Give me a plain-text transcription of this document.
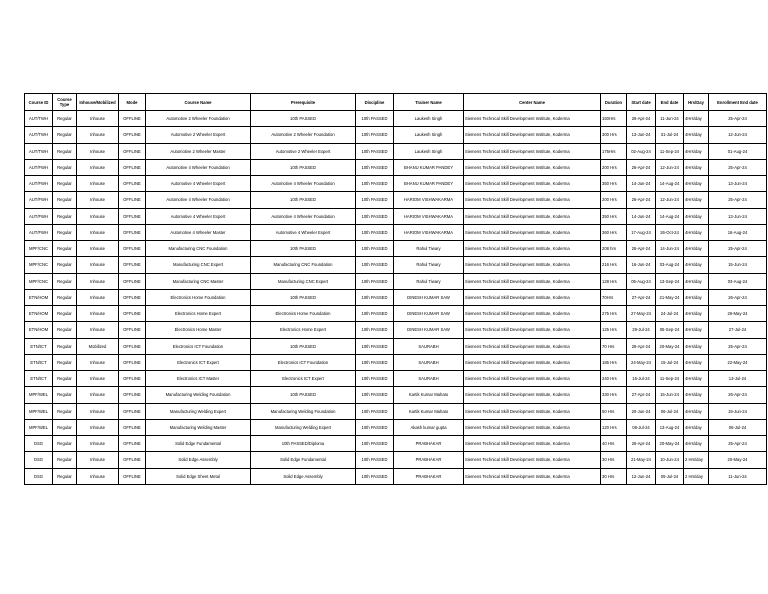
Course ID	Course Type	Inhouse/Mobilized	Mode	Course Name	Prerequisite	Discipline	Trainer Name	Center Name	Duration	Start date	End date	Hrs/Day	Enrollment End date
AUT/TWH	Regular	Inhouse	OFFLINE	Automotive 2 Wheeler Foundation	10th PASSED	10th PASSED	Laukesh Singh	Siemens Technical Skill Development Institute, Koderma	150Hrs	26-Apr-24	11-Jun-24	4Hrs/day	25-Apr-24
AUT/TWH	Regular	Inhouse	OFFLINE	Automotive 2 Wheeler Expert	Automotive 2 Wheeler Foundation	10th PASSED	Laukesh Singh	Siemens Technical Skill Development Institute, Koderma	300 Hrs	13-Jun-24	31-Jul-24	4Hrs/day	12-Jun-24
AUT/TWH	Regular	Inhouse	OFFLINE	Automotive 2 Wheeler Master	Automotive 2 Wheeler Expert	10th PASSED	Laukesh Singh	Siemens Technical Skill Development Institute, Koderma	175Hrs	02-Aug-24	11-Sep-24	4Hrs/day	01-Aug-24
AUT/FWH	Regular	Inhouse	OFFLINE	Automotive 4 Wheeler Foundation	10th PASSED	10th PASSED	BHANU KUMAR PANDEY	Siemens Technical Skill Development Institute, Koderma	200 Hrs	26-Apr-24	12-Jun-24	4Hrs/day	25-Apr-24
AUT/FWH	Regular	Inhouse	OFFLINE	Automotive 4 Wheeler Expert	Automotive 4 Wheeler Foundation	10th PASSED	BHANU KUMAR PANDEY	Siemens Technical Skill Development Institute, Koderma	350 Hrs	14-Jun-24	14-Aug-24	4Hrs/day	13-Jun-24
AUT/FWH	Regular	Inhouse	OFFLINE	Automotive 4 Wheeler Foundation	10th PASSED	10th PASSED	HARIOM VISHWAKARMA	Siemens Technical Skill Development Institute, Koderma	200 Hrs	26-Apr-24	12-Jun-24	4Hrs/day	25-Apr-24
AUT/FWH	Regular	Inhouse	OFFLINE	Automotive 4 Wheeler Expert	Automotive 4 Wheeler Foundation	10th PASSED	HARIOM VISHWAKARMA	Siemens Technical Skill Development Institute, Koderma	350 Hrs	14-Jun-24	14-Aug-24	4Hrs/day	13-Jun-24
AUT/FWH	Regular	Inhouse	OFFLINE	Automotive 4 Wheeler Master	Automotive 4 Wheeler Expert	10th PASSED	HARIOM VISHWAKARMA	Siemens Technical Skill Development Institute, Koderma	360 Hrs	17-Aug-24	26-Oct-24	4Hrs/day	16-Aug-24
MPF/CNC	Regular	Inhouse	OFFLINE	Manufacturing CNC Foundation	10th PASSED	10th PASSED	Rahul Tiwary	Siemens Technical Skill Development Institute, Koderma	208 hrs	26-Apr-24	14-Jun-24	4Hrs/day	25-Apr-24
MPF/CNC	Regular	Inhouse	OFFLINE	Manufacturing CNC Expert	Manufacturing CNC Foundation	10th PASSED	Rahul Tiwary	Siemens Technical Skill Development Institute, Koderma	216 Hrs	16-Jun-24	03-Aug-24	4Hrs/day	15-Jun-24
MPF/CNC	Regular	Inhouse	OFFLINE	Manufacturing CNC Master	Manufacturing CNC Expert	10th PASSED	Rahul Tiwary	Siemens Technical Skill Development Institute, Koderma	128 Hrs	05-Aug-24	13-Sep-24	4Hrs/day	03-Aug-24
ETN/HOM	Regular	Inhouse	OFFLINE	Electronics Home Foundation	10th PASSED	10th PASSED	DINESH KUMAR SAW	Siemens Technical Skill Development Institute, Koderma	70Hrs	27-Apr-24	21-May-24	4Hrs/day	26-Apr-24
ETN/HOM	Regular	Inhouse	OFFLINE	Electronics Home Expert	Electronics Home Foundation	10th PASSED	DINESH KUMAR SAW	Siemens Technical Skill Development Institute, Koderma	275 Hrs	27-May-24	24-Jul-24	4Hrs/day	26-May-24
ETN/HOM	Regular	Inhouse	OFFLINE	Electronics Home Master	Electronics Home Expert	10th PASSED	DINESH KUMAR SAW	Siemens Technical Skill Development Institute, Koderma	125 Hrs	29-Jul-24	05-Sep-24	4Hrs/day	27-Jul-24
ETN/ICT	Regular	Mobilized	OFFLINE	Electronics ICT Foundation	10th PASSED	10th PASSED	SAURABH	Siemens Technical Skill Development Institute, Koderma	70 Hrs	26-Apr-24	20-May-24	4Hrs/day	25-Apr-24
ETN/ICT	Regular	Inhouse	OFFLINE	Electronics ICT Expert	Electronics ICT Foundation	10th PASSED	SAURABH	Siemens Technical Skill Development Institute, Koderma	185 Hrs	24-May-24	15-Jul-24	4Hrs/day	22-May-24
ETN/ICT	Regular	Inhouse	OFFLINE	Electronics ICT Master	Electronics ICT Expert	10th PASSED	SAURABH	Siemens Technical Skill Development Institute, Koderma	240 Hrs	15-Jul-24	11-Sep-24	4Hrs/day	13-Jul-24
MPF/WEL	Regular	Inhouse	OFFLINE	Manufacturing Welding Foundation	10th PASSED	10th PASSED	Kartik Kumar Mahato	Siemens Technical Skill Development Institute, Koderma	330 Hrs	27-Apr-24	15-Jun-24	4Hrs/day	26-Apr-24
MPF/WEL	Regular	Inhouse	OFFLINE	Manufacturing Welding Expert	Manufacturing Welding Foundation	10th PASSED	Kartik Kumar Mahato	Siemens Technical Skill Development Institute, Koderma	50 Hrs	20-Jun-24	06-Jul-24	4Hrs/day	19-Jun-24
MPF/WEL	Regular	Inhouse	OFFLINE	Manufacturing Welding Master	Manufacturing Welding Expert	10th PASSED	Akash kumar gupta	Siemens Technical Skill Development Institute, Koderma	120 Hrs	08-Jul-24	13-Aug-24	4Hrs/day	06-Jul-24
DSG	Regular	Inhouse	OFFLINE	Solid Edge Fundamental	10th PASSED/Diploma	10th PASSED	PRABHAKAR	Siemens Technical Skill Development Institute, Koderma	40 Hrs	26-Apr-24	20-May-24	4Hrs/day	25-Apr-24
DSG	Regular	Inhouse	OFFLINE	Solid Edge Assembly	Solid Edge Fundamental	10th PASSED	PRABHAKAR	Siemens Technical Skill Development Institute, Koderma	30 Hrs	21-May-24	10-Jun-24	2 Hrs/day	20-May-24
DSG	Regular	Inhouse	OFFLINE	Solid Edge Sheet Metal	Solid Edge Assembly	10th PASSED	PRABHAKAR	Siemens Technical Skill Development Institute, Koderma	30 Hrs	12-Jun-24	05-Jul-24	2 Hrs/day	11-Jun-24
